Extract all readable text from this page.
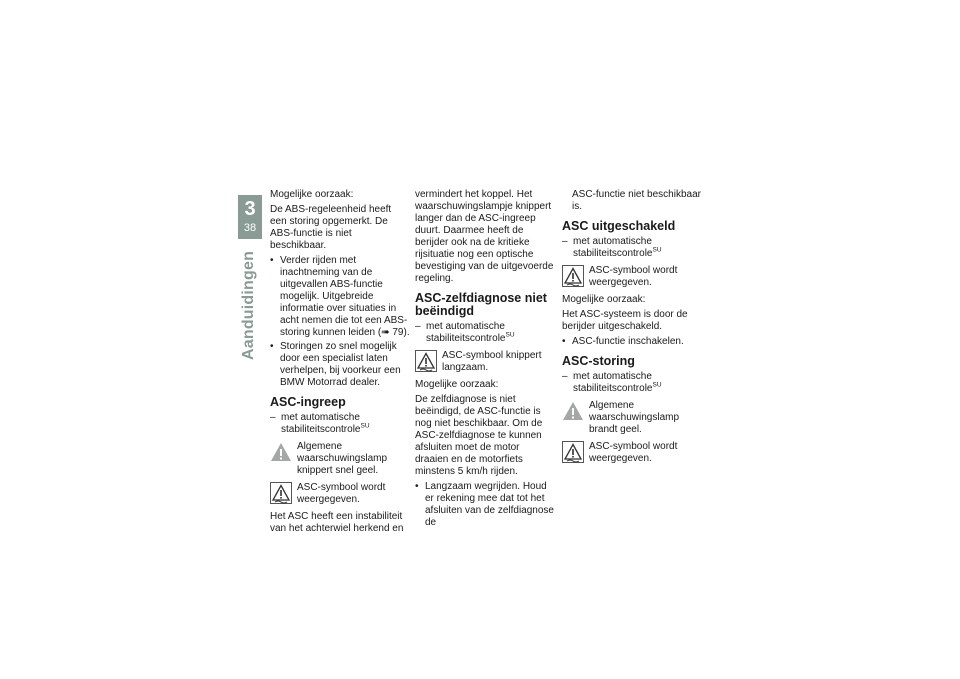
3
38
Aanduidingen

Mogelijke oorzaak:

De ABS-regeleenheid heeft een storing opgemerkt. De ABS-functie is niet beschikbaar.

• Verder rijden met inachtneming van de uitgevallen ABS-functie mogelijk. Uitgebreide informatie over situaties in acht nemen die tot een ABS-storing kunnen leiden (➠ 79).
• Storingen zo snel mogelijk door een specialist laten verhelpen, bij voorkeur een BMW Motorrad dealer.
ASC-ingreep
– met automatische stabiliteitscontrole$^{SU}$
Algemene waarschuwingslamp knippert snel geel.
ASC-symbool wordt weergegeven.

Het ASC heeft een instabiliteit van het achterwiel herkend en

vermindert het koppel. Het waarschuwingslampje knippert langer dan de ASC-ingreep duurt. Daarmee heeft de berijder ook na de kritieke rijsituatie nog een optische bevestiging van de uitgevoerde regeling.

ASC-zelfdiagnose niet beëindigd
– met automatische stabiliteitscontrole$^{SU}$
ASC-symbool knippert langzaam.

Mogelijke oorzaak:

De zelfdiagnose is niet beëindigd, de ASC-functie is nog niet beschikbaar. Om de ASC-zelfdiagnose te kunnen afsluiten moet de motor draaien en de motorfiets minstens 5 km/h rijden.

• Langzaam wegrijden. Houd er rekening mee dat tot het afsluiten van de zelfdiagnose de

ASC-functie niet beschikbaar is.

ASC uitgeschakeld
– met automatische stabiliteitscontrole$^{SU}$
ASC-symbool wordt weergegeven.

Mogelijke oorzaak:

Het ASC-systeem is door de berijder uitgeschakeld.

• ASC-functie inschakelen.
ASC-storing
– met automatische stabiliteitscontrole$^{SU}$
Algemene waarschuwingslamp brandt geel.
ASC-symbool wordt weergegeven.
